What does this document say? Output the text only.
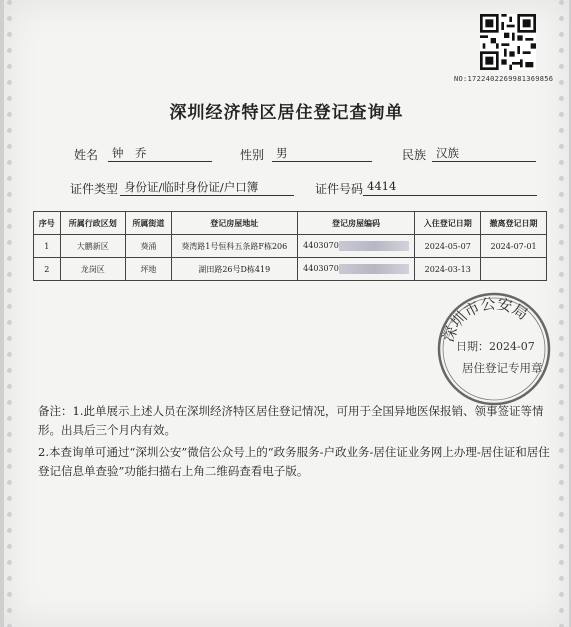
NO:1722402269981369856
深圳经济特区居住登记查询单
姓名	钟　乔	性别	男	民族 汉族
证件类型 身份证/临时身份证/户口簿	证件号码 4414
序号	所属行政区划	所属街道	登记房屋地址	登记房屋编码	入住登记日期	撤离登记日期
1	大鹏新区	葵涌	葵湾路1号恒科五条路F栋206	4403070	2024-05-07	2024-07-01
2	龙岗区	坪地	湖田路26号D栋419	4403070	2024-03-13	
深圳市公安局
日期：2024-07
居住登记专用章

备注：1.此单展示上述人员在深圳经济特区居住登记情况，可用于全国异地医保报销、领事签证等情形。出具后三个月内有效。

2.本查询单可通过“深圳公安”微信公众号上的“政务服务-户政业务-居住证业务网上办理-居住证和居住登记信息单查验”功能扫描右上角二维码查看电子版。
